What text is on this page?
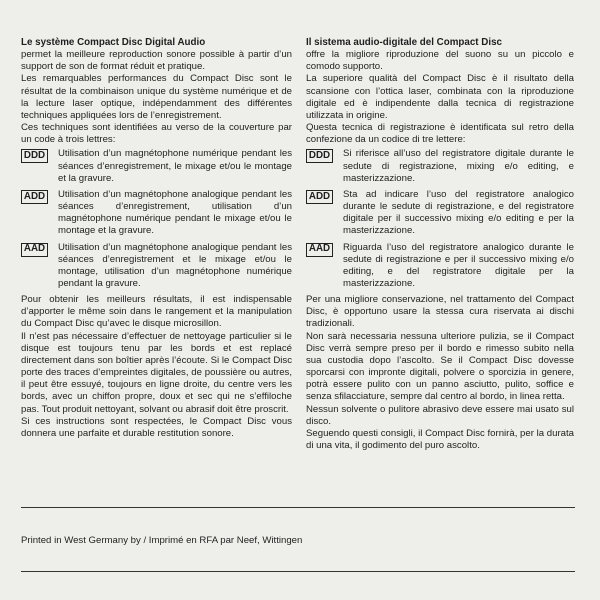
Le système Compact Disc Digital Audio
permet la meilleure reproduction sonore possible à partir d’un support de son de format réduit et pratique.
Les remarquables performances du Compact Disc sont le résultat de la combinaison unique du système numérique et de la lecture laser optique, indépendamment des différentes techniques appliquées lors de l’enregistrement.
Ces techniques sont identifiées au verso de la couverture par un code à trois lettres:
DDD	Utilisation d’un magnétophone numérique pendant les séances d’enregistrement, le mixage et/ou le montage et la gravure.
ADD	Utilisation d’un magnétophone analogique pendant les séances d’enregistrement, utilisation d’un magnétophone numérique pendant le mixage et/ou le montage et la gravure.
AAD	Utilisation d’un magnétophone analogique pendant les séances d’enregistrement et le mixage et/ou le montage, utilisation d’un magnétophone numérique pendant la gravure.
Pour obtenir les meilleurs résultats, il est indispensable d’apporter le même soin dans le rangement et la manipulation du Compact Disc qu’avec le disque microsillon.
Il n’est pas nécessaire d’effectuer de nettoyage particulier si le disque est toujours tenu par les bords et est replacé directement dans son boîtier après l’écoute. Si le Compact Disc porte des traces d’empreintes digitales, de poussière ou autres, il peut être essuyé, toujours en ligne droite, du centre vers les bords, avec un chiffon propre, doux et sec qui ne s’effiloche pas. Tout produit nettoyant, solvant ou abrasif doit être proscrit.
Si ces instructions sont respectées, le Compact Disc vous donnera une parfaite et durable restitution sonore.
Il sistema audio-digitale del Compact Disc
offre la migliore riproduzione del suono su un piccolo e comodo supporto.
La superiore qualità del Compact Disc è il risultato della scansione con l’ottica laser, combinata con la riproduzione digitale ed è indipendente dalla tecnica di registrazione utilizzata in origine.
Questa tecnica di registrazione è identificata sul retro della confezione da un codice di tre lettere:
DDD	Si riferisce all’uso del registratore digitale durante le sedute di registrazione, mixing e/o editing, e masterizzazione.
ADD	Sta ad indicare l’uso del registratore analogico durante le sedute di registrazione, e del registratore digitale per il successivo mixing e/o editing e per la masterizzazione.
AAD	Riguarda l’uso del registratore analogico durante le sedute di registrazione e per il successivo mixing e/o editing, e del registratore digitale per la masterizzazione.
Per una migliore conservazione, nel trattamento del Compact Disc, è opportuno usare la stessa cura riservata ai dischi tradizionali.
Non sarà necessaria nessuna ulteriore pulizia, se il Compact Disc verrà sempre preso per il bordo e rimesso subito nella sua custodia dopo l’ascolto. Se il Compact Disc dovesse sporcarsi con impronte digitali, polvere o sporcizia in genere, potrà essere pulito con un panno asciutto, pulito, soffice e senza sfilacciature, sempre dal centro al bordo, in linea retta.
Nessun solvente o pulitore abrasivo deve essere mai usato sul disco.
Seguendo questi consigli, il Compact Disc fornirà, per la durata di una vita, il godimento del puro ascolto.
Printed in West Germany by / Imprimé en RFA par Neef, Wittingen
